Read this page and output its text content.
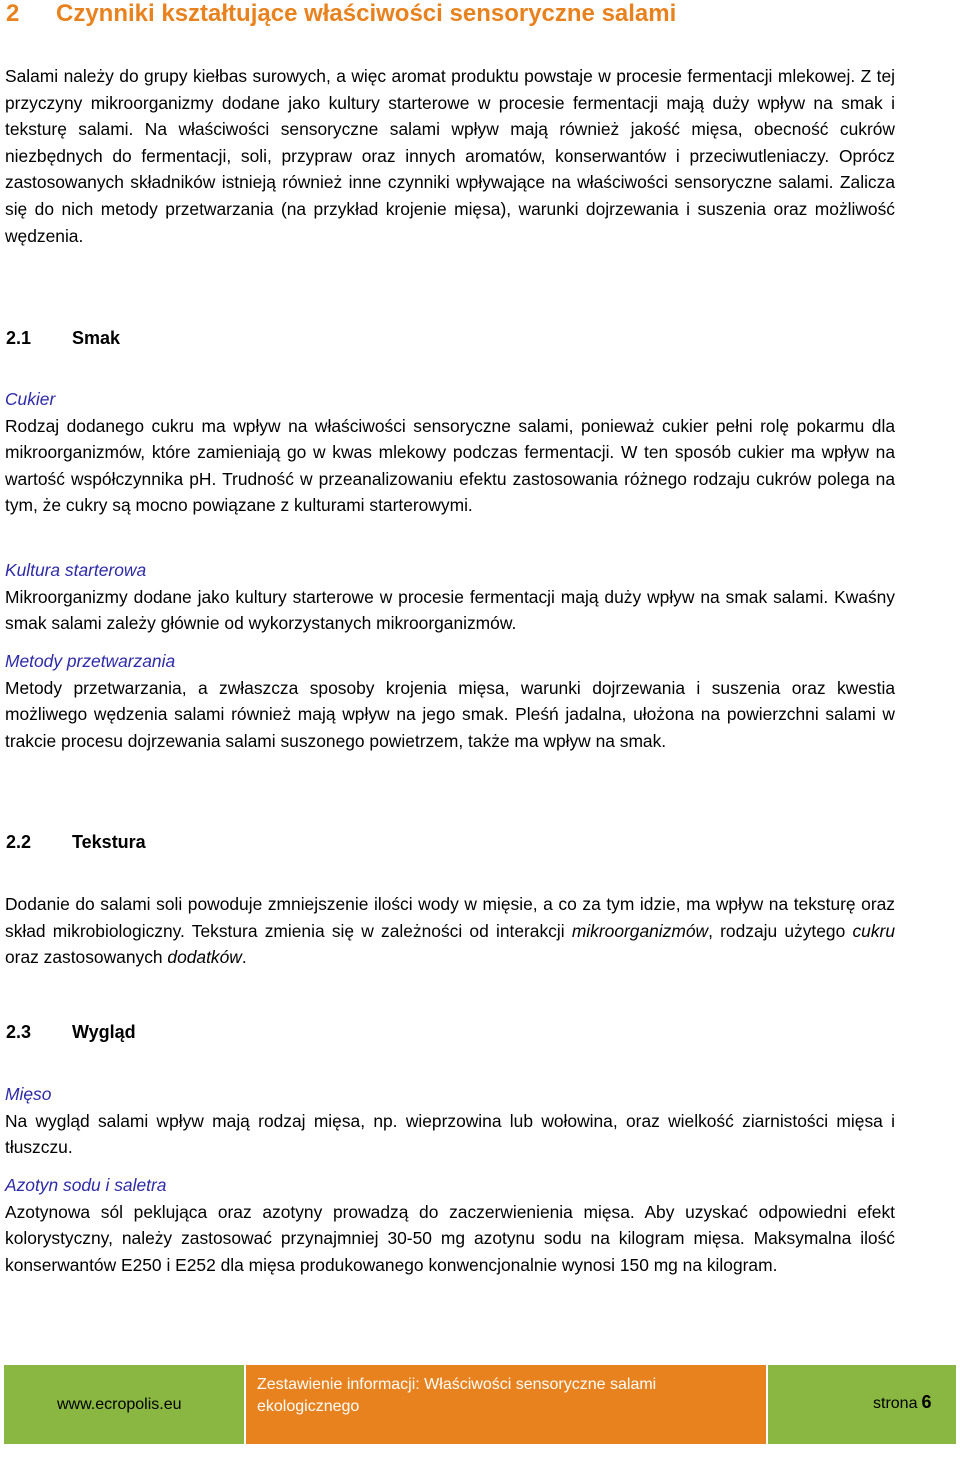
2 Czynniki kształtujące właściwości sensoryczne salami

Salami należy do grupy kiełbas surowych, a więc aromat produktu powstaje w procesie fermentacji mlekowej. Z tej przyczyny mikroorganizmy dodane jako kultury starterowe w procesie fermentacji mają duży wpływ na smak i teksturę salami. Na właściwości sensoryczne salami wpływ mają również jakość mięsa, obecność cukrów niezbędnych do fermentacji, soli, przypraw oraz innych aromatów, konserwantów i przeciwutleniaczy. Oprócz zastosowanych składników istnieją również inne czynniki wpływające na właściwości sensoryczne salami. Zalicza się do nich metody przetwarzania (na przykład krojenie mięsa), warunki dojrzewania i suszenia oraz możliwość wędzenia.

2.1 Smak
Cukier

Rodzaj dodanego cukru ma wpływ na właściwości sensoryczne salami, ponieważ cukier pełni rolę pokarmu dla mikroorganizmów, które zamieniają go w kwas mlekowy podczas fermentacji. W ten sposób cukier ma wpływ na wartość współczynnika pH. Trudność w przeanalizowaniu efektu zastosowania różnego rodzaju cukrów polega na tym, że cukry są mocno powiązane z kulturami starterowymi.

Kultura starterowa

Mikroorganizmy dodane jako kultury starterowe w procesie fermentacji mają duży wpływ na smak salami. Kwaśny smak salami zależy głównie od wykorzystanych mikroorganizmów.

Metody przetwarzania

Metody przetwarzania, a zwłaszcza sposoby krojenia mięsa, warunki dojrzewania i suszenia oraz kwestia możliwego wędzenia salami również mają wpływ na jego smak. Pleśń jadalna, ułożona na powierzchni salami w trakcie procesu dojrzewania salami suszonego powietrzem, także ma wpływ na smak.

2.2 Tekstura

Dodanie do salami soli powoduje zmniejszenie ilości wody w mięsie, a co za tym idzie, ma wpływ na teksturę oraz skład mikrobiologiczny. Tekstura zmienia się w zależności od interakcji mikroorganizmów, rodzaju użytego cukru oraz zastosowanych dodatków.

2.3 Wygląd
Mięso

Na wygląd salami wpływ mają rodzaj mięsa, np. wieprzowina lub wołowina, oraz wielkość ziarnistości mięsa i tłuszczu.

Azotyn sodu i saletra

Azotynowa sól peklująca oraz azotyny prowadzą do zaczerwienienia mięsa. Aby uzyskać odpowiedni efekt kolorystyczny, należy zastosować przynajmniej 30-50 mg azotynu sodu na kilogram mięsa. Maksymalna ilość konserwantów E250 i E252 dla mięsa produkowanego konwencjonalnie wynosi 150 mg na kilogram.

www.ecropolis.eu
Zestawienie informacji: Właściwości sensoryczne salami ekologicznego	strona 6
